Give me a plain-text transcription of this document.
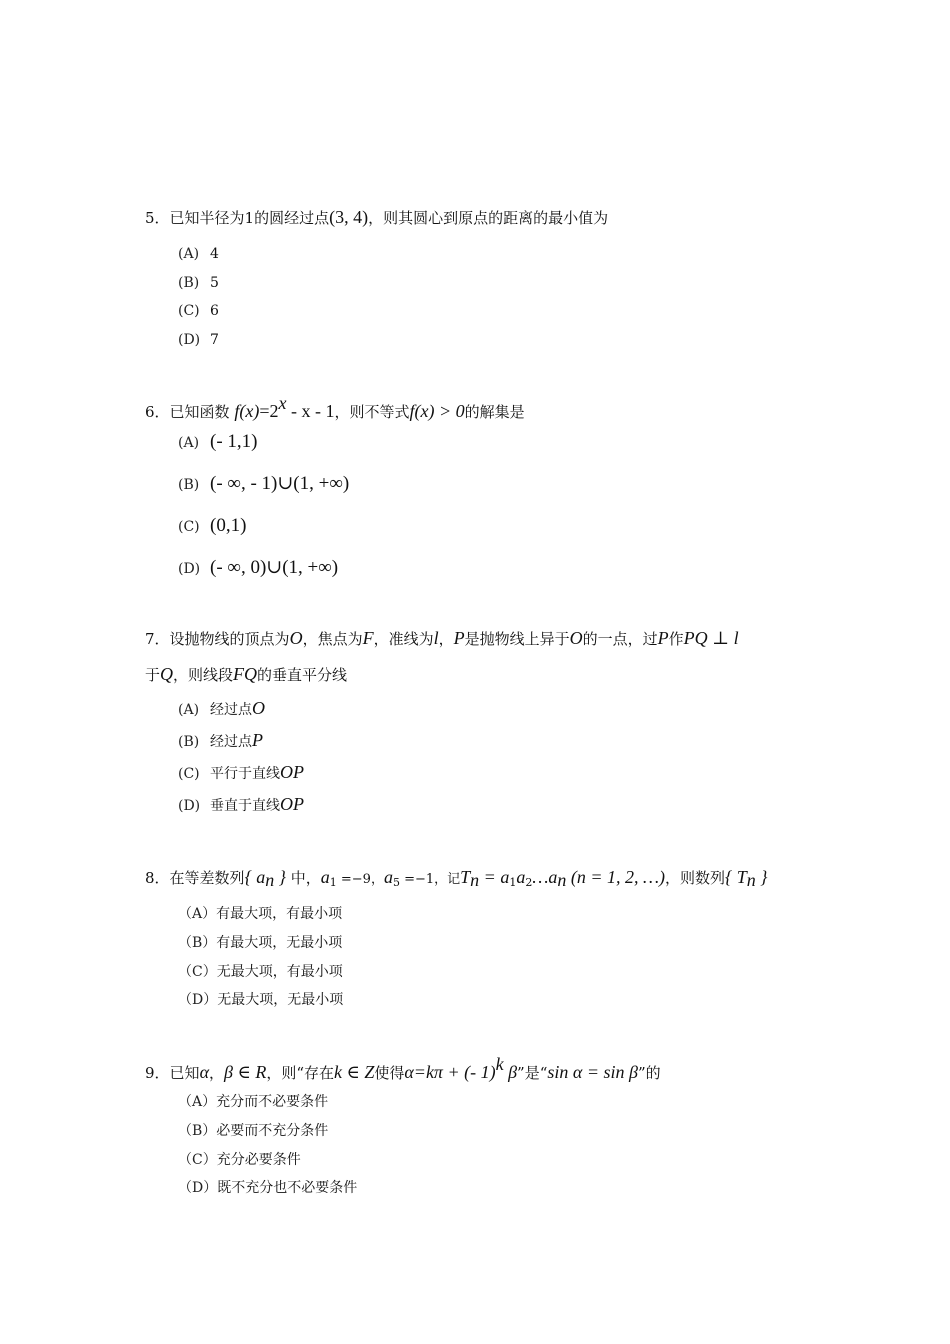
5．已知半径为1的圆经过点(3, 4)，则其圆心到原点的距离的最小值为
(A) 4
(B) 5
(C) 6
(D) 7
6．已知函数 $f(x)=2^x - x - 1$，则不等式f(x) > 0的解集是
(A) (- 1,1)
(B) (- ∞, - 1)∪(1, +∞)
(C) (0,1)
(D) (- ∞, 0)∪(1, +∞)
7．设抛物线的顶点为O，焦点为F，准线为l，P是抛物线上异于O的一点，过P作PQ ⊥ l
于Q，则线段FQ的垂直平分线
(A) 经过点O
(B) 经过点P
(C) 平行于直线OP
(D) 垂直于直线OP
8．在等差数列{ $a_n$ } 中，$a_1 =-9$，$a_5 =-1$，记$T_n$ = $a_1a_2\dots a_n$ (n = 1, 2, …)，则数列{ $T_n$ }
（A）有最大项，有最小项
（B）有最大项，无最小项
（C）无最大项，有最小项
（D）无最大项，无最小项
9．已知α，β ∈ R，则“存在k ∈ Z使得α=kπ + (- 1)$^k$ β”是“sin α = sin β”的
（A）充分而不必要条件
（B）必要而不充分条件
（C）充分必要条件
（D）既不充分也不必要条件
